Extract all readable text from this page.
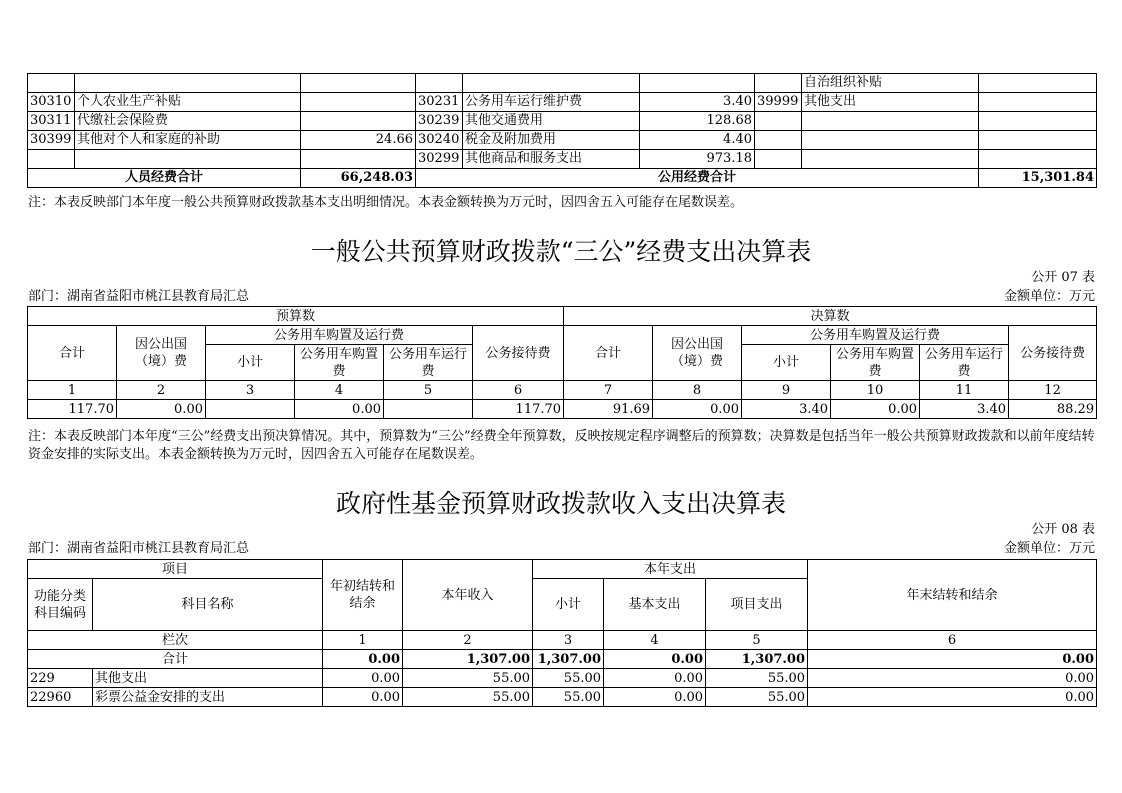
							自治组织补贴	
30310	个人农业生产补贴		30231	公务用车运行维护费	3.40	39999	其他支出	
30311	代缴社会保险费		30239	其他交通费用	128.68			
30399	其他对个人和家庭的补助	24.66	30240	税金及附加费用	4.40			
			30299	其他商品和服务支出	973.18			
人员经费合计		66,248.03	公用经费合计					15,301.84
注：本表反映部门本年度一般公共预算财政拨款基本支出明细情况。本表金额转换为万元时，因四舍五入可能存在尾数误差。
一般公共预算财政拨款“三公”经费支出决算表
公开 07 表
部门：湖南省益阳市桃江县教育局汇总	金额单位：万元
预算数						决算数					
合计	因公出国（境）费	公务用车购置及运行费			公务接待费	合计	因公出国（境）费	公务用车购置及运行费			公务接待费
		小计	公务用车购置费	公务用车运行费				小计	公务用车购置费	公务用车运行费	
1	2	3	4	5	6	7	8	9	10	11	12
117.70	0.00		0.00		117.70	91.69	0.00	3.40	0.00	3.40	88.29
注：本表反映部门本年度“三公”经费支出预决算情况。其中，预算数为“三公”经费全年预算数，反映按规定程序调整后的预算数；决算数是包括当年一般公共预算财政拨款和以前年度结转资金安排的实际支出。本表金额转换为万元时，因四舍五入可能存在尾数误差。
政府性基金预算财政拨款收入支出决算表
公开 08 表
部门：湖南省益阳市桃江县教育局汇总	金额单位：万元
项目		年初结转和结余	本年收入	本年支出			年末结转和结余
功能分类科目编码	科目名称			小计	基本支出	项目支出	
栏次		1	2	3	4	5	6
合计		0.00	1,307.00	1,307.00	0.00	1,307.00	0.00
229	其他支出	0.00	55.00	55.00	0.00	55.00	0.00
22960	彩票公益金安排的支出	0.00	55.00	55.00	0.00	55.00	0.00
